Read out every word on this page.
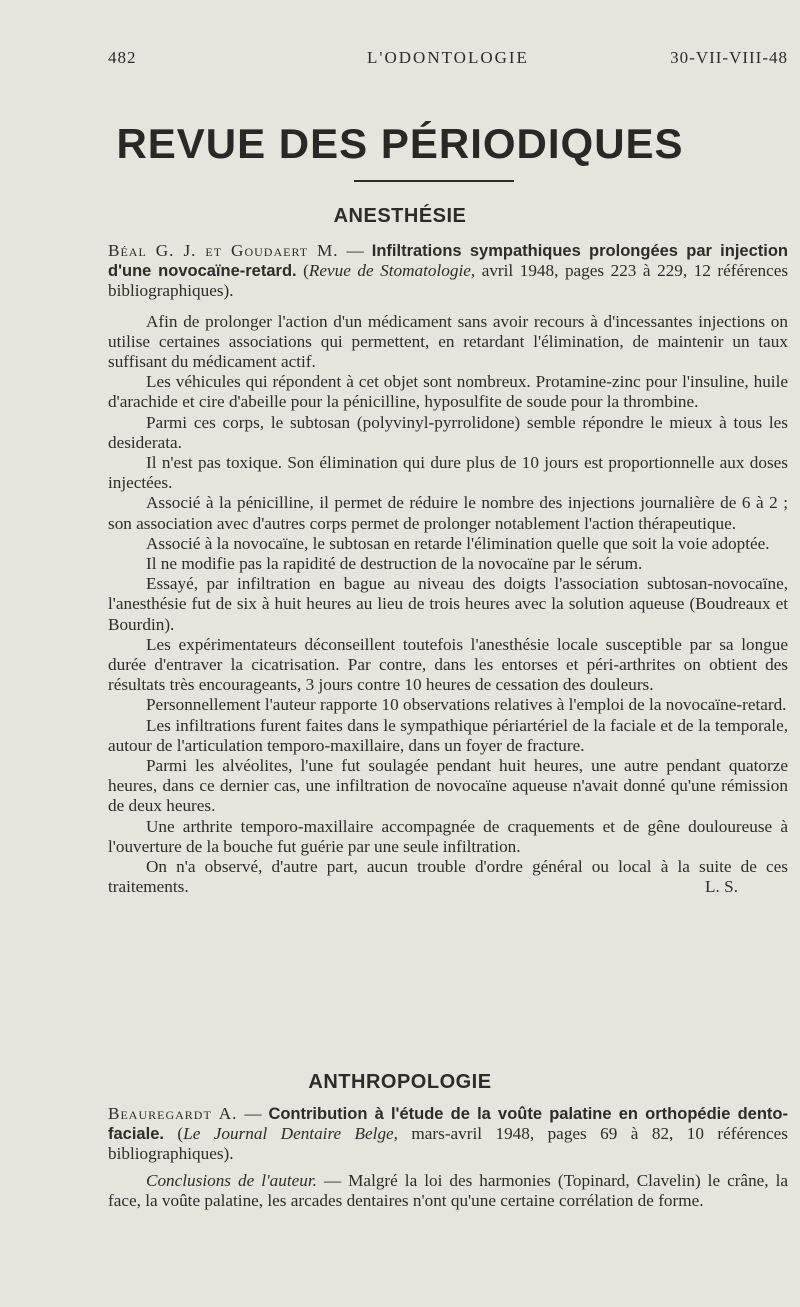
482	L'ODONTOLOGIE	30-VII-VIII-48
REVUE DES PÉRIODIQUES
ANESTHÉSIE

Béal G. J. et Goudaert M. — Infiltrations sympathiques prolongées par injection d'une novocaïne-retard. (Revue de Stomatologie, avril 1948, pages 223 à 229, 12 références bibliographiques).

Afin de prolonger l'action d'un médicament sans avoir recours à d'incessantes injections on utilise certaines associations qui permettent, en retardant l'élimination, de maintenir un taux suffisant du médicament actif.

Les véhicules qui répondent à cet objet sont nombreux. Protamine-zinc pour l'insuline, huile d'arachide et cire d'abeille pour la pénicilline, hyposulfite de soude pour la thrombine.

Parmi ces corps, le subtosan (polyvinyl-pyrrolidone) semble répondre le mieux à tous les desiderata.

Il n'est pas toxique. Son élimination qui dure plus de 10 jours est proportionnelle aux doses injectées.

Associé à la pénicilline, il permet de réduire le nombre des injections journalière de 6 à 2 ; son association avec d'autres corps permet de prolonger notablement l'action thérapeutique.

Associé à la novocaïne, le subtosan en retarde l'élimination quelle que soit la voie adoptée.

Il ne modifie pas la rapidité de destruction de la novocaïne par le sérum.

Essayé, par infiltration en bague au niveau des doigts l'association subtosan-novocaïne, l'anesthésie fut de six à huit heures au lieu de trois heures avec la solution aqueuse (Boudreaux et Bourdin).

Les expérimentateurs déconseillent toutefois l'anesthésie locale susceptible par sa longue durée d'entraver la cicatrisation. Par contre, dans les entorses et péri-arthrites on obtient des résultats très encourageants, 3 jours contre 10 heures de cessation des douleurs.

Personnellement l'auteur rapporte 10 observations relatives à l'emploi de la novocaïne-retard.

Les infiltrations furent faites dans le sympathique périartériel de la faciale et de la temporale, autour de l'articulation temporo-maxillaire, dans un foyer de fracture.

Parmi les alvéolites, l'une fut soulagée pendant huit heures, une autre pendant quatorze heures, dans ce dernier cas, une infiltration de novocaïne aqueuse n'avait donné qu'une rémission de deux heures.

Une arthrite temporo-maxillaire accompagnée de craquements et de gêne douloureuse à l'ouverture de la bouche fut guérie par une seule infiltration.

On n'a observé, d'autre part, aucun trouble d'ordre général ou local à la suite de ces traitements.	L. S.

ANTHROPOLOGIE

Beauregardt A. — Contribution à l'étude de la voûte palatine en orthopédie dento-faciale. (Le Journal Dentaire Belge, mars-avril 1948, pages 69 à 82, 10 références bibliographiques).

Conclusions de l'auteur. — Malgré la loi des harmonies (Topinard, Clavelin) le crâne, la face, la voûte palatine, les arcades dentaires n'ont qu'une certaine corrélation de forme.
